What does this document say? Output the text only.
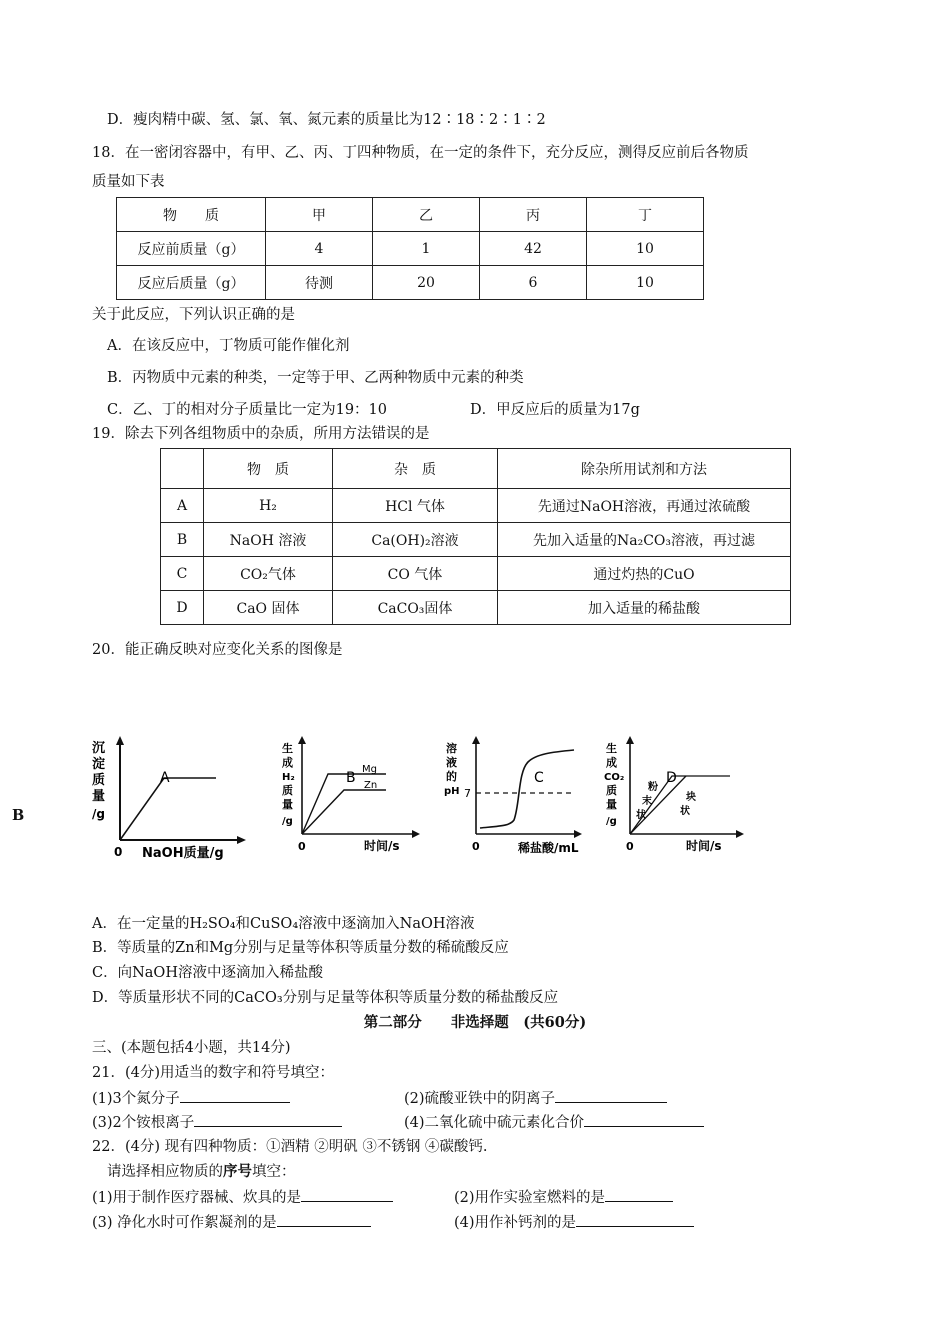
D．瘦肉精中碳、氢、氯、氧、氮元素的质量比为12∶18∶2∶1∶2
18．在一密闭容器中，有甲、乙、丙、丁四种物质，在一定的条件下，充分反应，测得反应前后各物质
质量如下表
物　　质	甲	乙	丙	丁
反应前质量（g）	4	1	42	10
反应后质量（g）	待测	20	6	10
关于此反应，下列认识正确的是
A．在该反应中，丁物质可能作催化剂
B．丙物质中元素的种类，一定等于甲、乙两种物质中元素的种类
C．乙、丁的相对分子质量比一定为19：10	D．甲反应后的质量为17g
19．除去下列各组物质中的杂质，所用方法错误的是
	物　质	杂　质	除杂所用试剂和方法
A	H₂	HCl 气体	先通过NaOH溶液，再通过浓硫酸
B	NaOH 溶液	Ca(OH)₂溶液	先加入适量的Na₂CO₃溶液，再过滤
C	CO₂气体	CO 气体	通过灼热的CuO
D	CaO 固体	CaCO₃固体	加入适量的稀盐酸
20．能正确反映对应变化关系的图像是
B
沉
淀
质
量
/g
0 NaOH质量/g
A
生
成
H₂
质
量
/g
0	时间/s
B
Mg
Zn
溶
液
的
pH 7
0	稀盐酸/mL
C
生
成
CO₂
质
量
/g
0	时间/s
D
粉
末
状
块
状
A．在一定量的H₂SO₄和CuSO₄溶液中逐滴加入NaOH溶液
B．等质量的Zn和Mg分别与足量等体积等质量分数的稀硫酸反应
C．向NaOH溶液中逐滴加入稀盐酸
D．等质量形状不同的CaCO₃分别与足量等体积等质量分数的稀盐酸反应
第二部分　　非选择题　(共60分)
三、(本题包括4小题，共14分)
21．(4分)用适当的数字和符号填空：
(1)3个氮分子	(2)硫酸亚铁中的阴离子
(3)2个铵根离子	(4)二氧化硫中硫元素化合价
22．(4分) 现有四种物质：①酒精 ②明矾 ③不锈钢 ④碳酸钙.
请选择相应物质的序号填空：
(1)用于制作医疗器械、炊具的是	(2)用作实验室燃料的是
(3) 净化水时可作絮凝剂的是	(4)用作补钙剂的是
